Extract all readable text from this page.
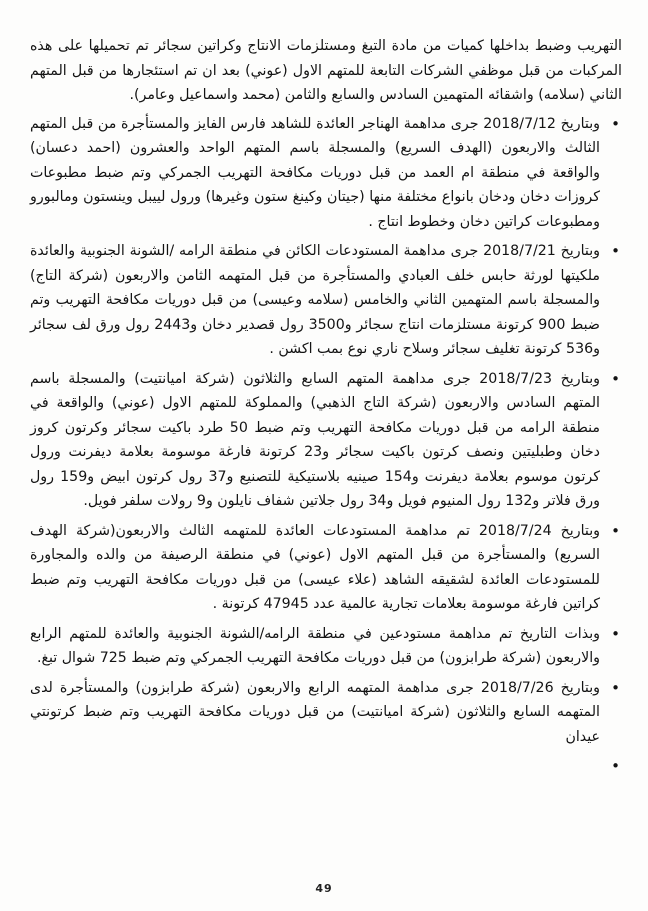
التهريب وضبط بداخلها كميات من مادة التبغ ومستلزمات الانتاج وكراتين سجائر تم تحميلها على هذه المركبات من قبل موظفي الشركات التابعة للمتهم الاول (عوني) بعد ان تم استئجارها من قبل المتهم الثاني (سلامه) واشقائه المتهمين السادس والسابع والثامن (محمد واسماعيل وعامر).

•
وبتاريخ 2018/7/12 جرى مداهمة الهناجر العائدة للشاهد فارس الفايز والمستأجرة من قبل المتهم الثالث والاربعون (الهدف السريع) والمسجلة باسم المتهم الواحد والعشرون (احمد دعسان) والواقعة في منطقة ام العمد من قبل دوريات مكافحة التهريب الجمركي وتم ضبط مطبوعات كروزات دخان ودخان بانواع مختلفة منها (جيتان وكينغ ستون وغيرها) ورول لييبل وينستون ومالبورو ومطبوعات كراتين دخان وخطوط انتاج .
•
وبتاريخ 2018/7/21 جرى مداهمة المستودعات الكائن في منطقة الرامه /الشونة الجنوبية والعائدة ملكيتها لورثة حابس خلف العبادي والمستأجرة من قبل المتهمه الثامن والاربعون (شركة التاج) والمسجلة باسم المتهمين الثاني والخامس (سلامه وعيسى) من قبل دوريات مكافحة التهريب وتم ضبط 900 كرتونة مستلزمات انتاج سجائر و3500 رول قصدير دخان و2443 رول ورق لف سجائر و536 كرتونة تغليف سجائر وسلاح ناري نوع بمب اكشن .
•
وبتاريخ 2018/7/23 جرى مداهمة المتهم السابع والثلاثون (شركة اميانتيت) والمسجلة باسم المتهم السادس والاربعون (شركة التاج الذهبي) والمملوكة للمتهم الاول (عوني) والواقعة في منطقة الرامه من قبل دوريات مكافحة التهريب وتم ضبط 50 طرد باكيت سجائر وكرتون كروز دخان وطبليتين ونصف كرتون باكيت سجائر و23 كرتونة فارغة موسومة بعلامة ديفرنت ورول كرتون موسوم بعلامة ديفرنت و154 صينيه بلاستيكية للتصنيع و37 رول كرتون ابيض و159 رول ورق فلاتر و132 رول المنيوم فويل و34 رول جلاتين شفاف نايلون و9 رولات سلفر فويل.
•
وبتاريخ 2018/7/24 تم مداهمة المستودعات العائدة للمتهمه الثالث والاربعون(شركة الهدف السريع) والمستأجرة من قبل المتهم الاول (عوني) في منطقة الرصيفة من والده والمجاورة للمستودعات العائدة لشقيقه الشاهد (علاء عيسى) من قبل دوريات مكافحة التهريب وتم ضبط كراتين فارغة موسومة بعلامات تجارية عالمية عدد 47945 كرتونة .
•
وبذات التاريخ تم مداهمة مستودعين في منطقة الرامه/الشونة الجنوبية والعائدة للمتهم الرابع والاربعون (شركة طرابزون) من قبل دوريات مكافحة التهريب الجمركي وتم ضبط 725 شوال تبغ.
•
وبتاريخ 2018/7/26 جرى مداهمة المتهمه الرابع والاربعون (شركة طرابزون) والمستأجرة لدى المتهمه السابع والثلاثون (شركة اميانتيت) من قبل دوريات مكافحة التهريب وتم ضبط كرتونتي عيدان
•
49
